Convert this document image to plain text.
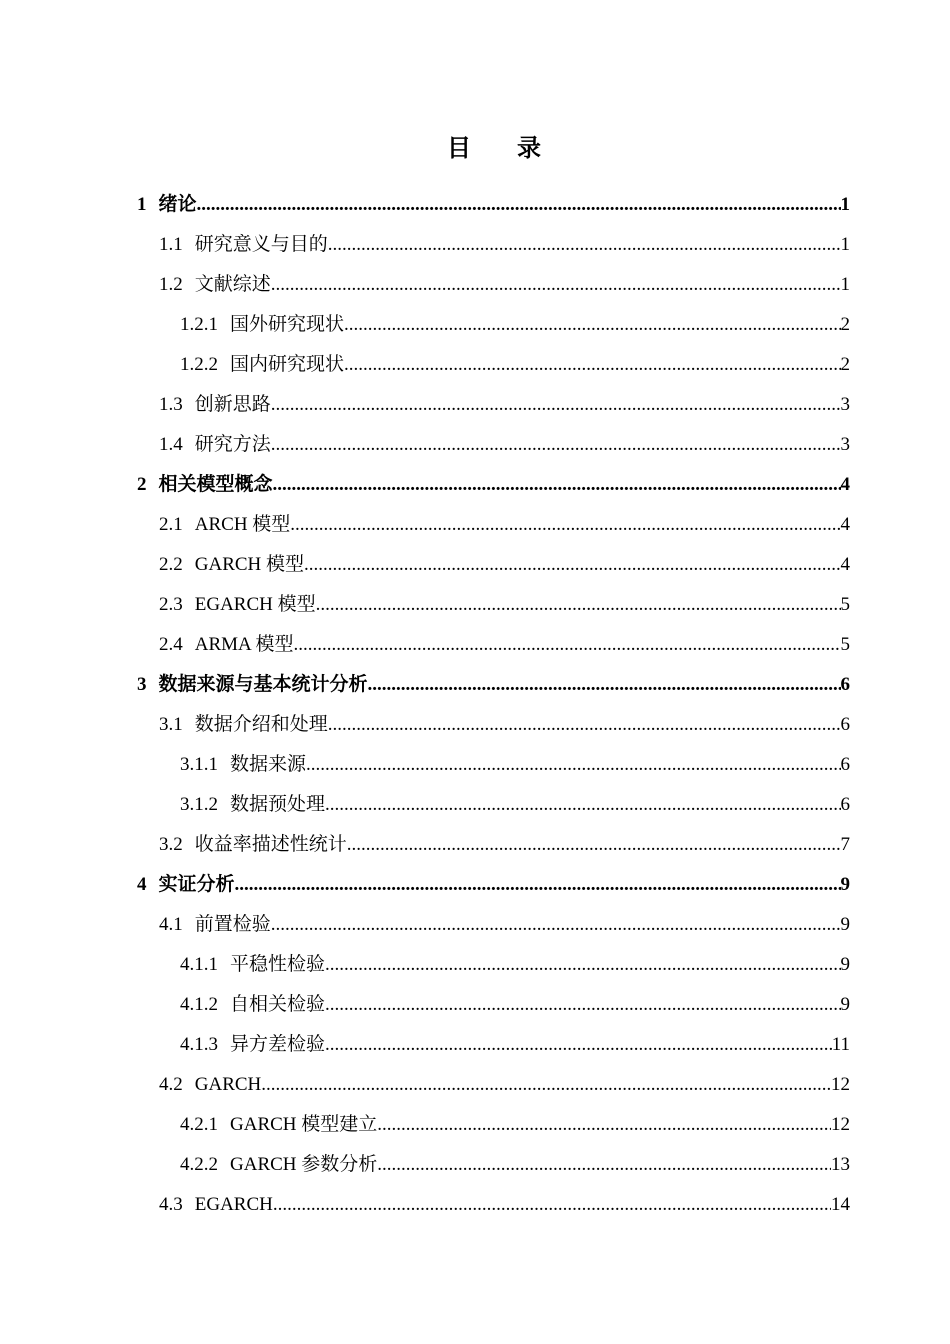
目 录
1 绪论 .....	1
1.1 研究意义与目的 .....	1
1.2 文献综述 .....	1
1.2.1 国外研究现状 .....	2
1.2.2 国内研究现状 .....	2
1.3 创新思路 .....	3
1.4 研究方法 .....	3
2 相关模型概念 .....	4
2.1 ARCH 模型 .....	4
2.2 GARCH 模型 .....	4
2.3 EGARCH 模型 .....	5
2.4 ARMA 模型 .....	5
3 数据来源与基本统计分析 .....	6
3.1 数据介绍和处理 .....	6
3.1.1 数据来源 .....	6
3.1.2 数据预处理 .....	6
3.2 收益率描述性统计 .....	7
4 实证分析 .....	9
4.1 前置检验 .....	9
4.1.1 平稳性检验 .....	9
4.1.2 自相关检验 .....	9
4.1.3 异方差检验 .....	11
4.2 GARCH .....	12
4.2.1 GARCH 模型建立 .....	12
4.2.2 GARCH 参数分析 .....	13
4.3 EGARCH .....	14
